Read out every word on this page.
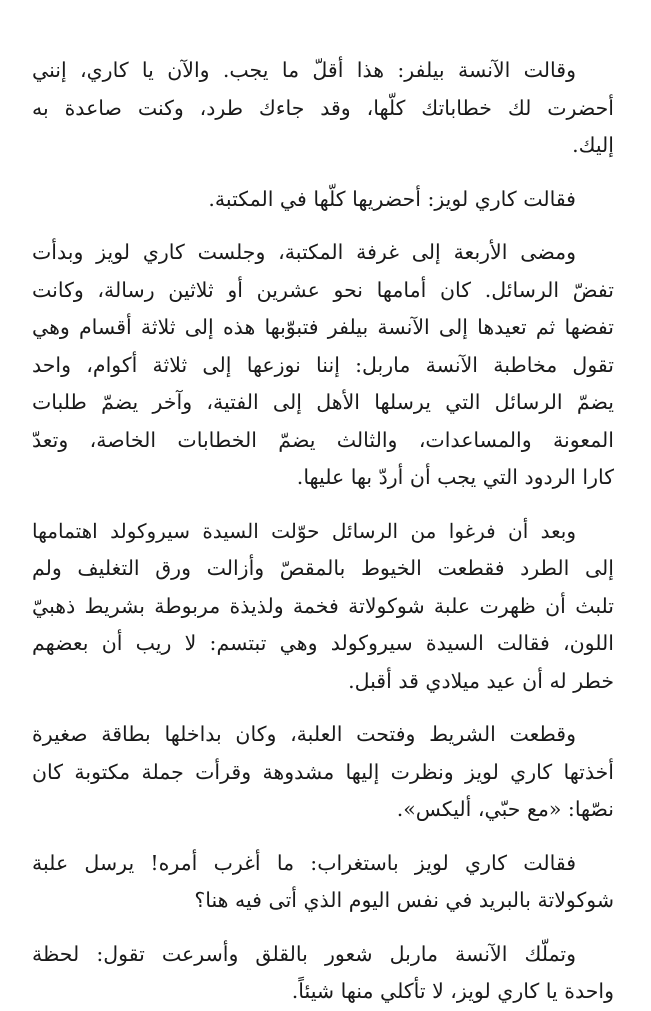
وقالت الآنسة بيلفر: هذا أقلّ ما يجب. والآن يا كاري، إنني
أحضرت لك خطاباتك كلّها، وقد جاءك طرد، وكنت صاعدة به
إليك.
فقالت كاري لويز: أحضريها كلّها في المكتبة.
ومضى الأربعة إلى غرفة المكتبة، وجلست كاري لويز وبدأت
تفضّ الرسائل. كان أمامها نحو عشرين أو ثلاثين رسالة، وكانت
تفضها ثم تعيدها إلى الآنسة بيلفر فتبوّبها هذه إلى ثلاثة أقسام وهي
تقول مخاطبة الآنسة ماربل: إننا نوزعها إلى ثلاثة أكوام، واحد
يضمّ الرسائل التي يرسلها الأهل إلى الفتية، وآخر يضمّ طلبات
المعونة والمساعدات، والثالث يضمّ الخطابات الخاصة، وتعدّ
كارا الردود التي يجب أن أردّ بها عليها.
وبعد أن فرغوا من الرسائل حوّلت السيدة سيروكولد اهتمامها
إلى الطرد فقطعت الخيوط بالمقصّ وأزالت ورق التغليف ولم
تلبث أن ظهرت علبة شوكولاتة فخمة ولذيذة مربوطة بشريط ذهبيّ
اللون، فقالت السيدة سيروكولد وهي تبتسم: لا ريب أن بعضهم
خطر له أن عيد ميلادي قد أقبل.
وقطعت الشريط وفتحت العلبة، وكان بداخلها بطاقة صغيرة
أخذتها كاري لويز ونظرت إليها مشدوهة وقرأت جملة مكتوبة كان
نصّها: «مع حبّي، أليكس».
فقالت كاري لويز باستغراب: ما أغرب أمره! يرسل علبة
شوكولاتة بالبريد في نفس اليوم الذي أتى فيه هنا؟
وتملّك الآنسة ماربل شعور بالقلق وأسرعت تقول: لحظة
واحدة يا كاري لويز، لا تأكلي منها شيئاً.
